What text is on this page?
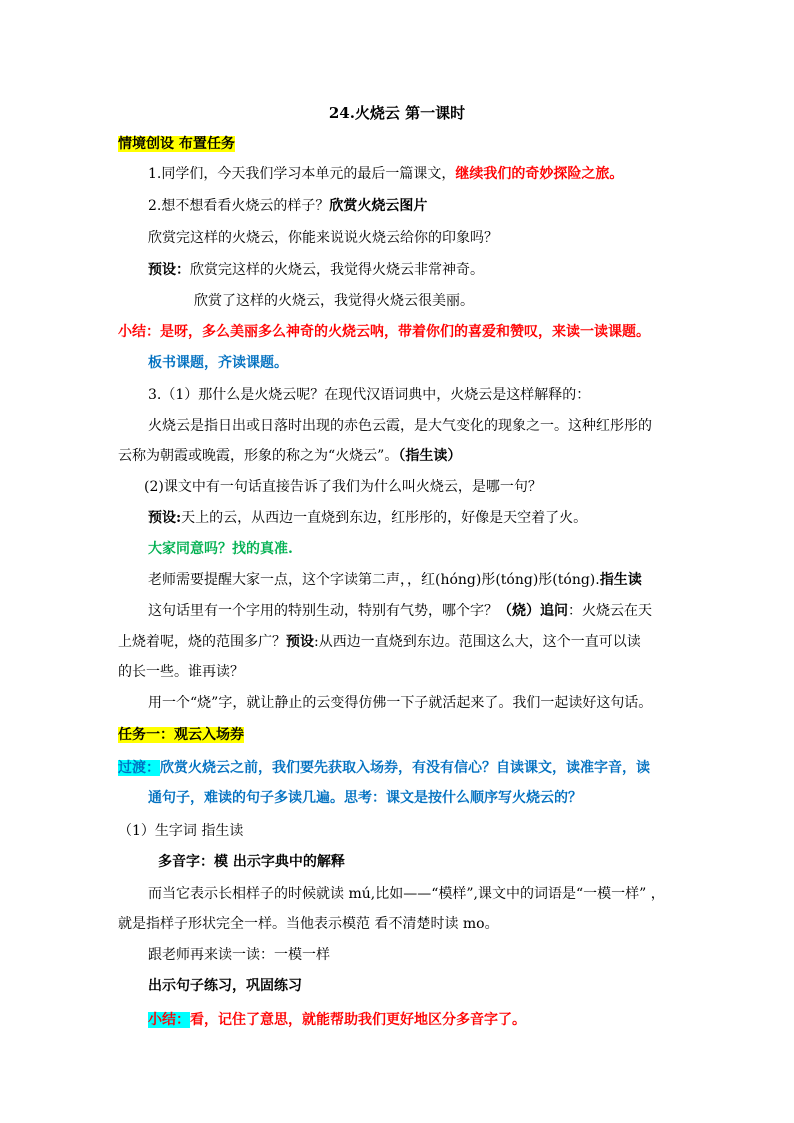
24.火烧云 第一课时
情境创设 布置任务
1.同学们，今天我们学习本单元的最后一篇课文，继续我们的奇妙探险之旅。
2.想不想看看火烧云的样子？欣赏火烧云图片
欣赏完这样的火烧云，你能来说说火烧云给你的印象吗？
预设：欣赏完这样的火烧云，我觉得火烧云非常神奇。
欣赏了这样的火烧云，我觉得火烧云很美丽。
小结：是呀，多么美丽多么神奇的火烧云呐，带着你们的喜爱和赞叹，来读一读课题。
板书课题，齐读课题。
3.（1）那什么是火烧云呢？在现代汉语词典中，火烧云是这样解释的：
火烧云是指日出或日落时出现的赤色云霞，是大气变化的现象之一。这种红彤彤的
云称为朝霞或晚霞，形象的称之为“火烧云”。（指生读）
(2)课文中有一句话直接告诉了我们为什么叫火烧云，是哪一句？
预设:天上的云，从西边一直烧到东边，红彤彤的，好像是天空着了火。
大家同意吗？找的真准.
老师需要提醒大家一点，这个字读第二声，，红(hóng)彤(tóng)彤(tóng).指生读
这句话里有一个字用的特别生动，特别有气势，哪个字？（烧）追问：火烧云在天
上烧着呢，烧的范围多广？预设:从西边一直烧到东边。范围这么大，这个一直可以读
的长一些。谁再读？
用一个“烧”字，就让静止的云变得仿佛一下子就活起来了。我们一起读好这句话。
任务一：观云入场券
过渡：欣赏火烧云之前，我们要先获取入场券，有没有信心？自读课文，读准字音，读
通句子，难读的句子多读几遍。思考：课文是按什么顺序写火烧云的？
（1）生字词 指生读
多音字：模 出示字典中的解释
而当它表示长相样子的时候就读 mú,比如——“模样”,课文中的词语是“一模一样” ，
就是指样子形状完全一样。当他表示模范 看不清楚时读 mo。
跟老师再来读一读：一模一样
出示句子练习，巩固练习
小结：看，记住了意思，就能帮助我们更好地区分多音字了。
